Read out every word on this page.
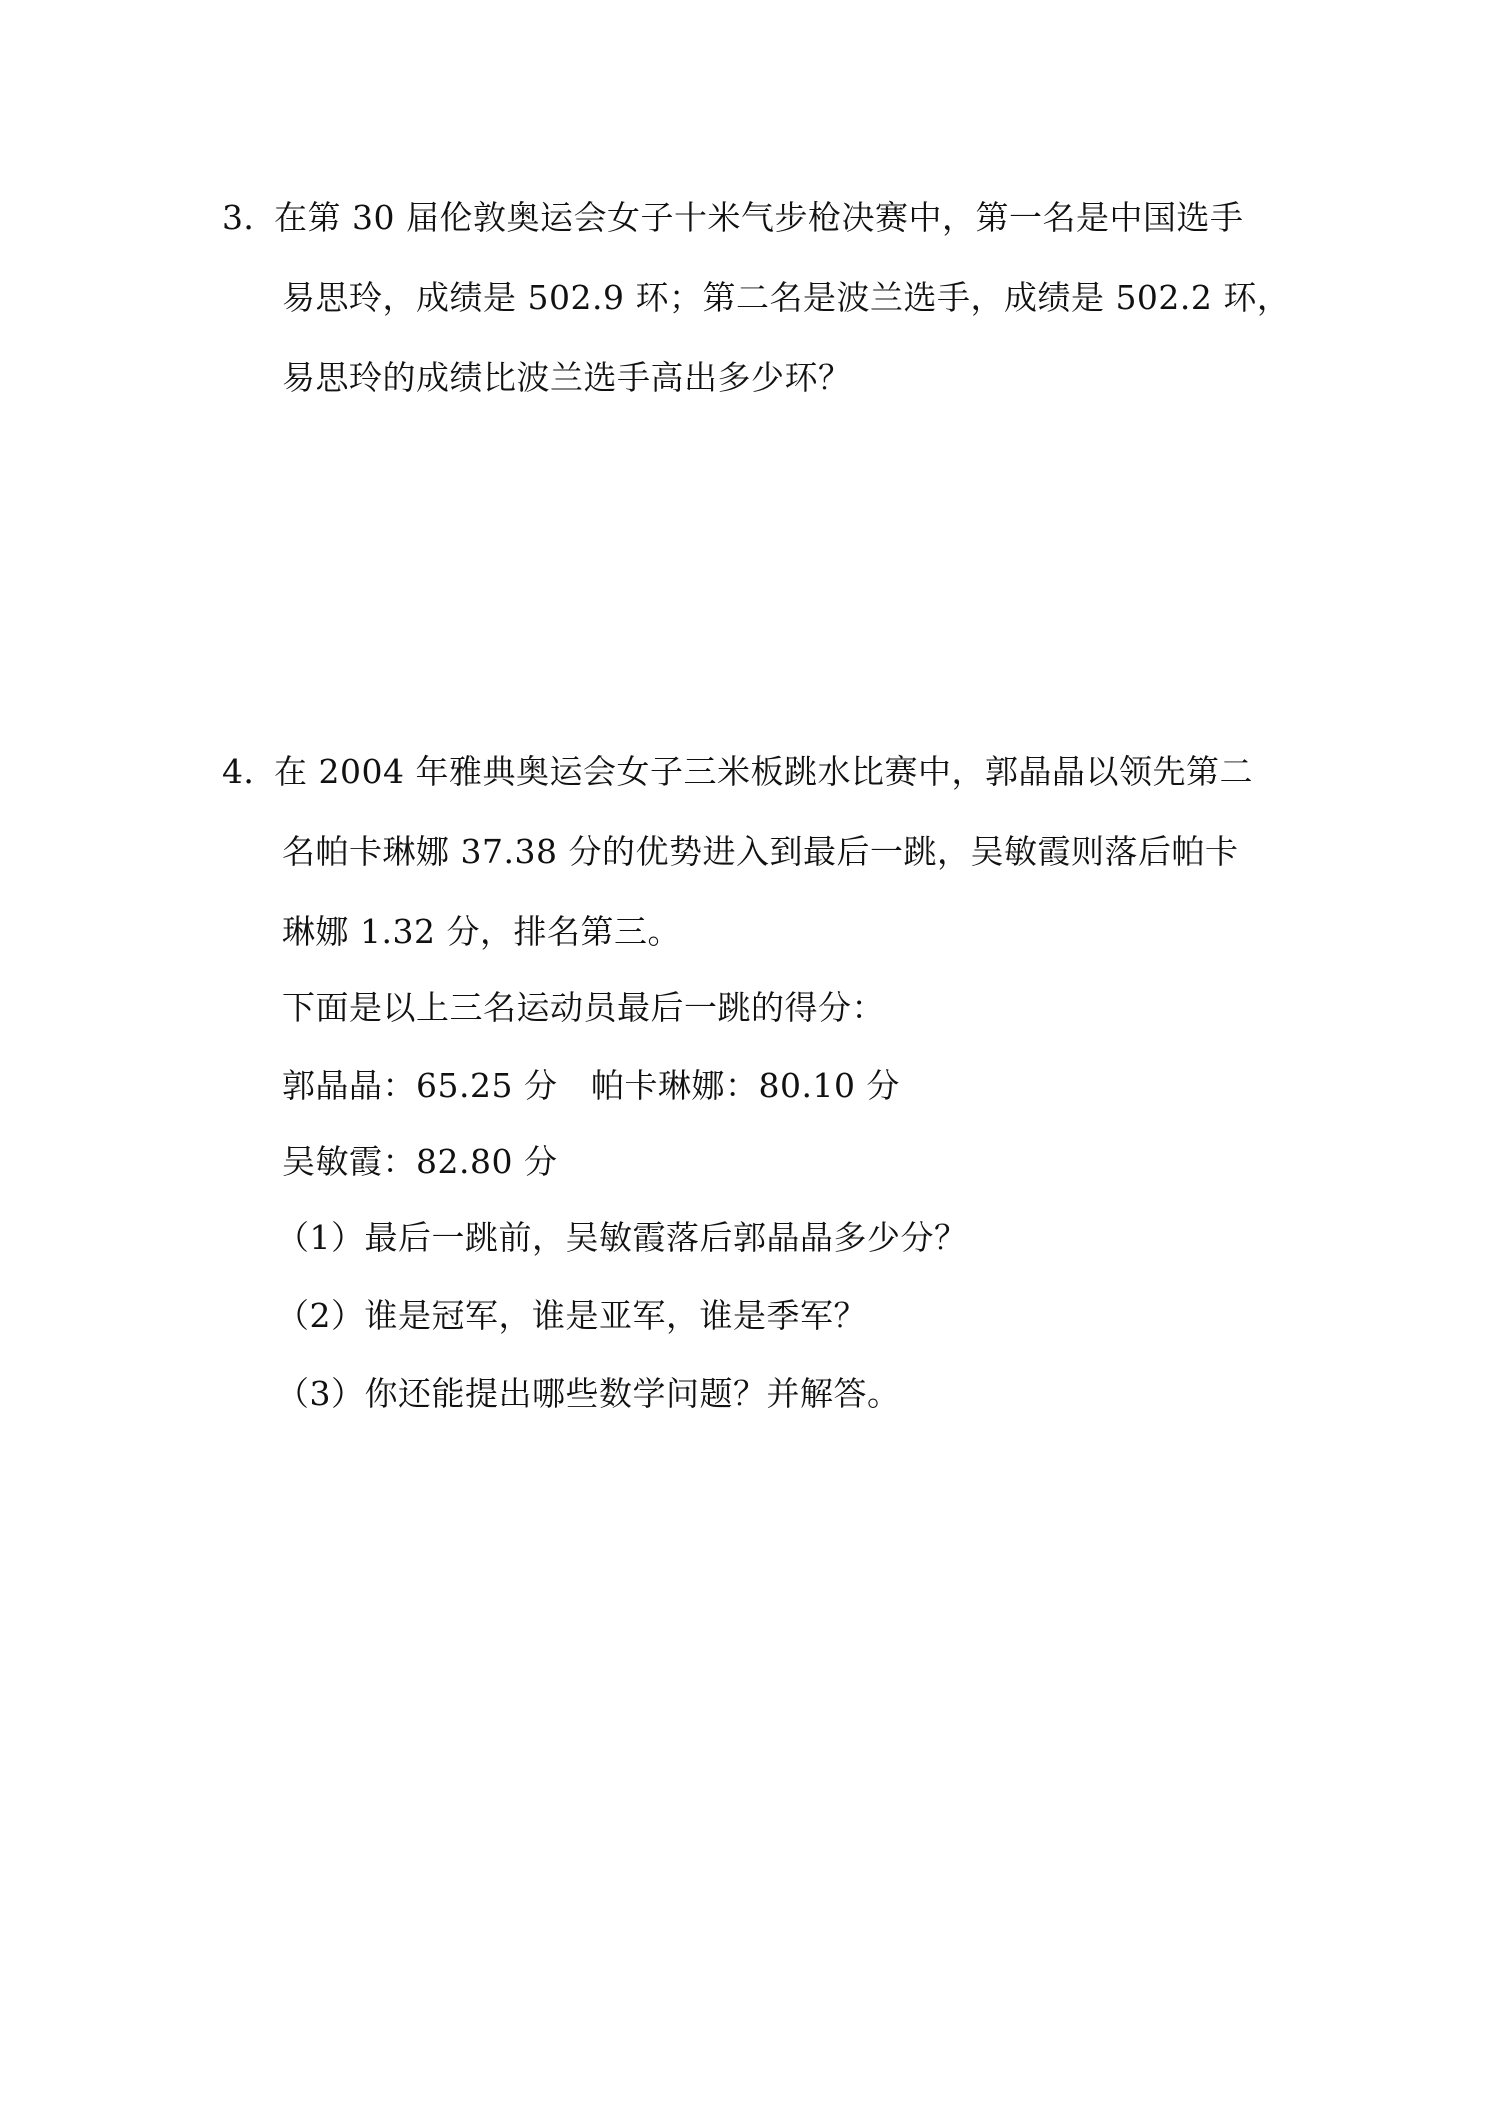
3．在第 30 届伦敦奥运会女子十米气步枪决赛中，第一名是中国选手
易思玲，成绩是 502.9 环；第二名是波兰选手，成绩是 502.2 环，
易思玲的成绩比波兰选手高出多少环？
4．在 2004 年雅典奥运会女子三米板跳水比赛中，郭晶晶以领先第二
名帕卡琳娜 37.38 分的优势进入到最后一跳，吴敏霞则落后帕卡
琳娜 1.32 分，排名第三。
下面是以上三名运动员最后一跳的得分：
郭晶晶：65.25 分　帕卡琳娜：80.10 分
吴敏霞：82.80 分
（1）最后一跳前，吴敏霞落后郭晶晶多少分？
（2）谁是冠军，谁是亚军，谁是季军？
（3）你还能提出哪些数学问题？并解答。
